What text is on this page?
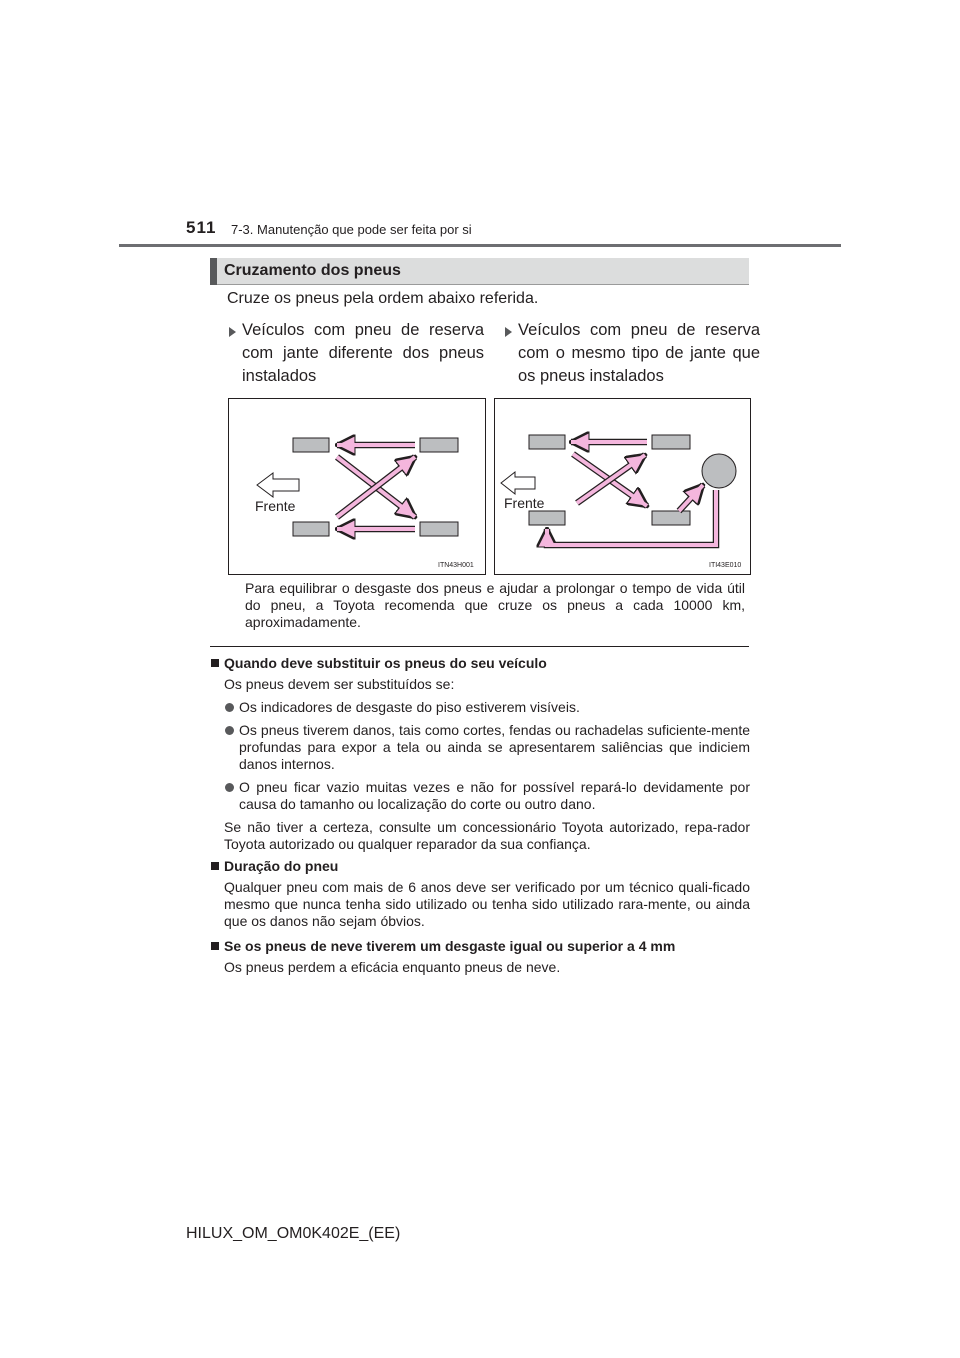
511 7-3. Manutenção que pode ser feita por si
Cruzamento dos pneus
Cruze os pneus pela ordem abaixo referida.
Veículos com pneu de reserva com jante diferente dos pneus instalados
Veículos com pneu de reserva com o mesmo tipo de jante que os pneus instalados
Frente
ITN43H001
Frente
ITI43E010
Para equilibrar o desgaste dos pneus e ajudar a prolongar o tempo de vida útil do pneu, a Toyota recomenda que cruze os pneus a cada 10000 km, aproximadamente.
Quando deve substituir os pneus do seu veículo
Os pneus devem ser substituídos se:
Os indicadores de desgaste do piso estiverem visíveis.
Os pneus tiverem danos, tais como cortes, fendas ou rachadelas suficiente-mente profundas para expor a tela ou ainda se apresentarem saliências que indiciem danos internos.
O pneu ficar vazio muitas vezes e não for possível repará-lo devidamente por causa do tamanho ou localização do corte ou outro dano.
Se não tiver a certeza, consulte um concessionário Toyota autorizado, repa-rador Toyota autorizado ou qualquer reparador da sua confiança.
Duração do pneu
Qualquer pneu com mais de 6 anos deve ser verificado por um técnico quali-ficado mesmo que nunca tenha sido utilizado ou tenha sido utilizado rara-mente, ou ainda que os danos não sejam óbvios.
Se os pneus de neve tiverem um desgaste igual ou superior a 4 mm
Os pneus perdem a eficácia enquanto pneus de neve.
HILUX_OM_OM0K402E_(EE)
